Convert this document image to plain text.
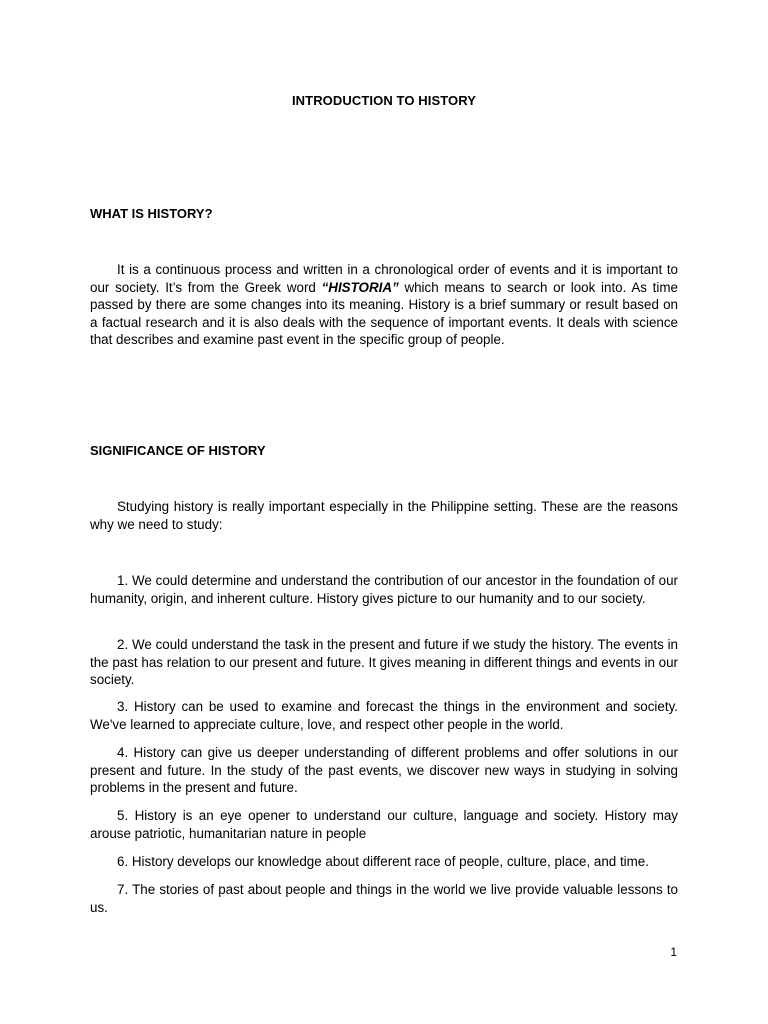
INTRODUCTION TO HISTORY
WHAT IS HISTORY?

It is a continuous process and written in a chronological order of events and it is important to our society. It’s from the Greek word “HISTORIA” which means to search or look into. As time passed by there are some changes into its meaning. History is a brief summary or result based on a factual research and it is also deals with the sequence of important events. It deals with science that describes and examine past event in the specific group of people.

SIGNIFICANCE OF HISTORY

Studying history is really important especially in the Philippine setting. These are the reasons why we need to study:

1. We could determine and understand the contribution of our ancestor in the foundation of our humanity, origin, and inherent culture. History gives picture to our humanity and to our society.

2. We could understand the task in the present and future if we study the history. The events in the past has relation to our present and future. It gives meaning in different things and events in our society.

3. History can be used to examine and forecast the things in the environment and society. We've learned to appreciate culture, love, and respect other people in the world.

4. History can give us deeper understanding of different problems and offer solutions in our present and future. In the study of the past events, we discover new ways in studying in solving problems in the present and future.

5. History is an eye opener to understand our culture, language and society. History may arouse patriotic, humanitarian nature in people

6. History develops our knowledge about different race of people, culture, place, and time.

7. The stories of past about people and things in the world we live provide valuable lessons to us.

1
